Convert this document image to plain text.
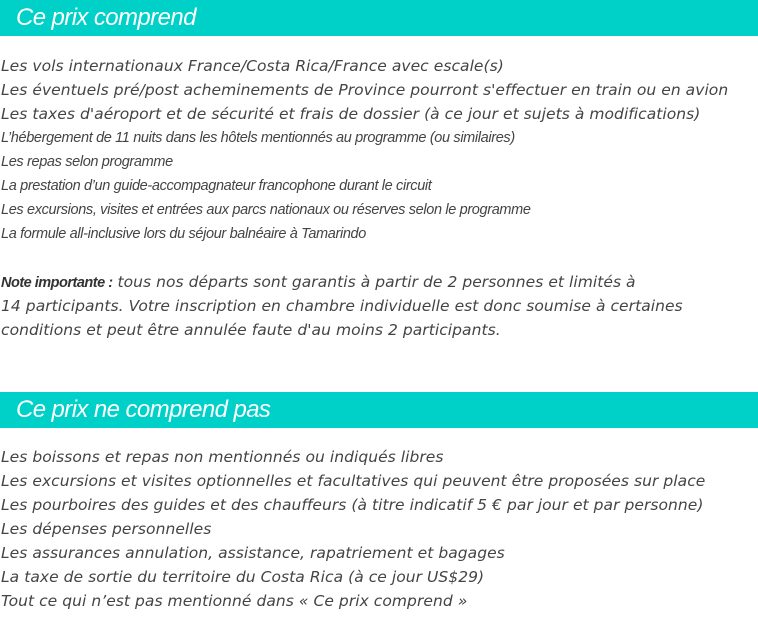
Ce prix comprend
Les vols internationaux France/Costa Rica/France avec escale(s)
Les éventuels pré/post acheminements de Province pourront s'effectuer en train ou en avion
Les taxes d'aéroport et de sécurité et frais de dossier (à ce jour et sujets à modifications)
L’hébergement de 11 nuits dans les hôtels mentionnés au programme (ou similaires)
Les repas selon programme
La prestation d’un guide-accompagnateur francophone durant le circuit
Les excursions, visites et entrées aux parcs nationaux ou réserves selon le programme
La formule all-inclusive lors du séjour balnéaire à Tamarindo
Note importante : tous nos départs sont garantis à partir de 2 personnes et limités à
14 participants. Votre inscription en chambre individuelle est donc soumise à certaines
conditions et peut être annulée faute d'au moins 2 participants.
Ce prix ne comprend pas
Les boissons et repas non mentionnés ou indiqués libres
Les excursions et visites optionnelles et facultatives qui peuvent être proposées sur place
Les pourboires des guides et des chauffeurs (à titre indicatif 5 € par jour et par personne)
Les dépenses personnelles
Les assurances annulation, assistance, rapatriement et bagages
La taxe de sortie du territoire du Costa Rica (à ce jour US$29)
Tout ce qui n’est pas mentionné dans « Ce prix comprend »
